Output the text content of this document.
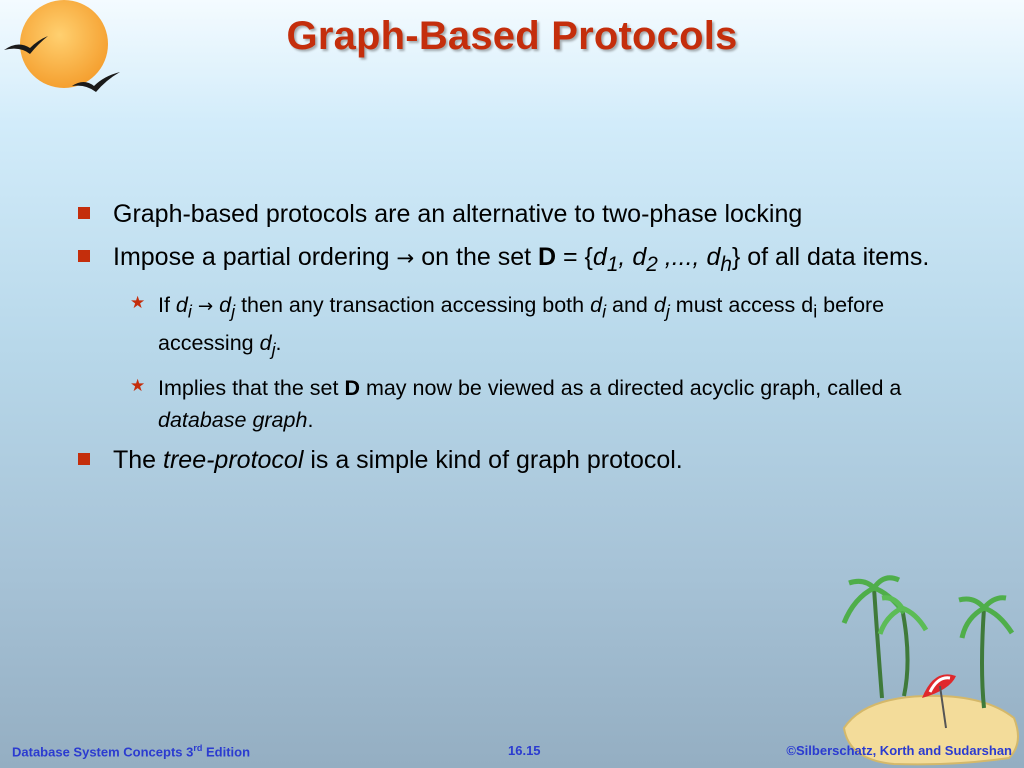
Graph-Based Protocols
Graph-based protocols are an alternative to two-phase locking
Impose a partial ordering → on the set $D = \{d_1$, $d_2$ ,..., $d_h$} of all data items.
★ If $d_i \to d_j$ then any transaction accessing both $d_i$ and $d_j$ must access $d_i$ before accessing $d_j$.
★ Implies that the set D may now be viewed as a directed acyclic graph, called a database graph.
The tree-protocol is a simple kind of graph protocol.
Database System Concepts 3rd Edition	16.15	©Silberschatz, Korth and Sudarshan
